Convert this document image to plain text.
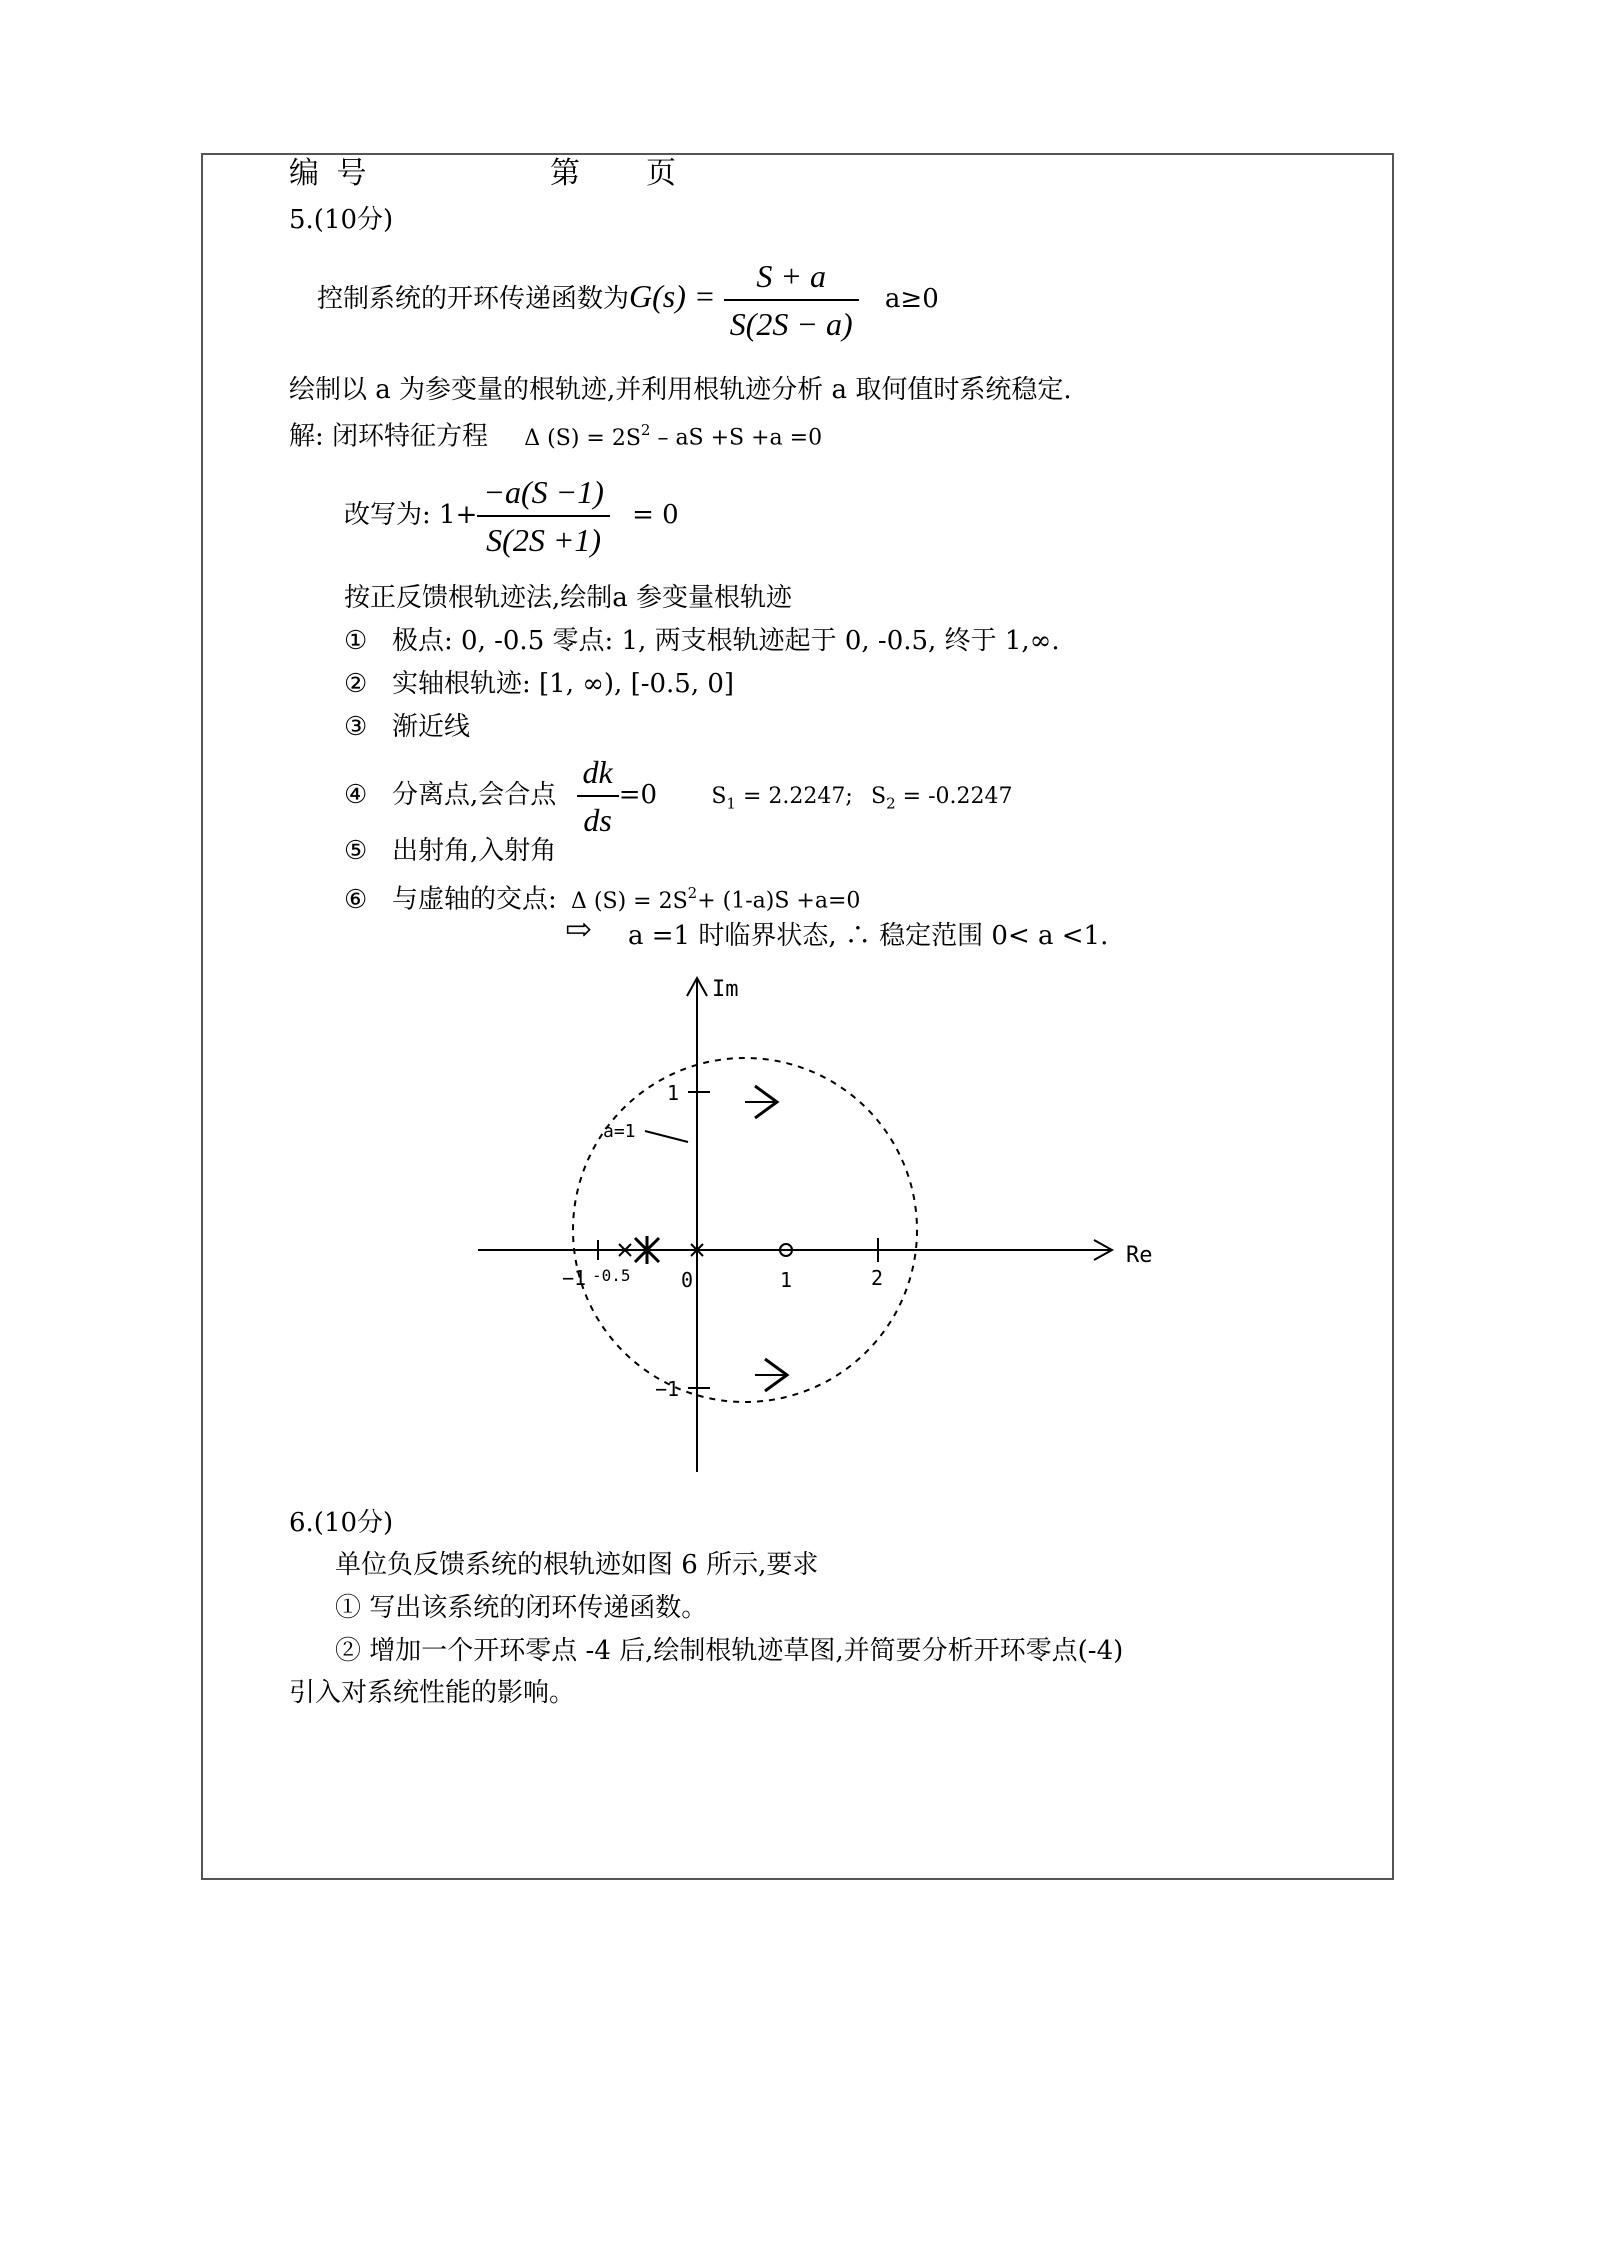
编 号	第 页
5.(10分)
控制系统的开环传递函数为$G(s) = \frac{S + a}{S(2S - a)} a\ge 0$
绘制以 a 为参变量的根轨迹,并利用根轨迹分析 a 取何值时系统稳定.
解: 闭环特征方程 Δ $(S) = 2S^2$ – aS +S +a =0
改写为: $1+ \frac{-a(S -1)}{S(2S +1)} = 0$
按正反馈根轨迹法,绘制a 参变量根轨迹
① 极点: 0, -0.5 零点: 1, 两支根轨迹起于 0, -0.5, 终于 1,∞.
② 实轴根轨迹: [1, ∞), [-0.5, 0]
③ 渐近线
④ 分离点,会合点 $\frac{dk}{ds} =0$ $S_1 = 2.2247$; $S_2 = -0.2247$
⑤ 出射角,入射角
⑥ 与虚轴的交点: Δ $(S) = 2S^2+ (1-a)S +a=0$
⇨ a =1 时临界状态, ∴ 稳定范围 0< a <1.
Im
Re
−1 -0.5	0	1	2
1
−1
a=1
6.(10分)
单位负反馈系统的根轨迹如图 6 所示,要求
① 写出该系统的闭环传递函数。
② 增加一个开环零点 -4 后,绘制根轨迹草图,并简要分析开环零点(-4)
引入对系统性能的影响。
